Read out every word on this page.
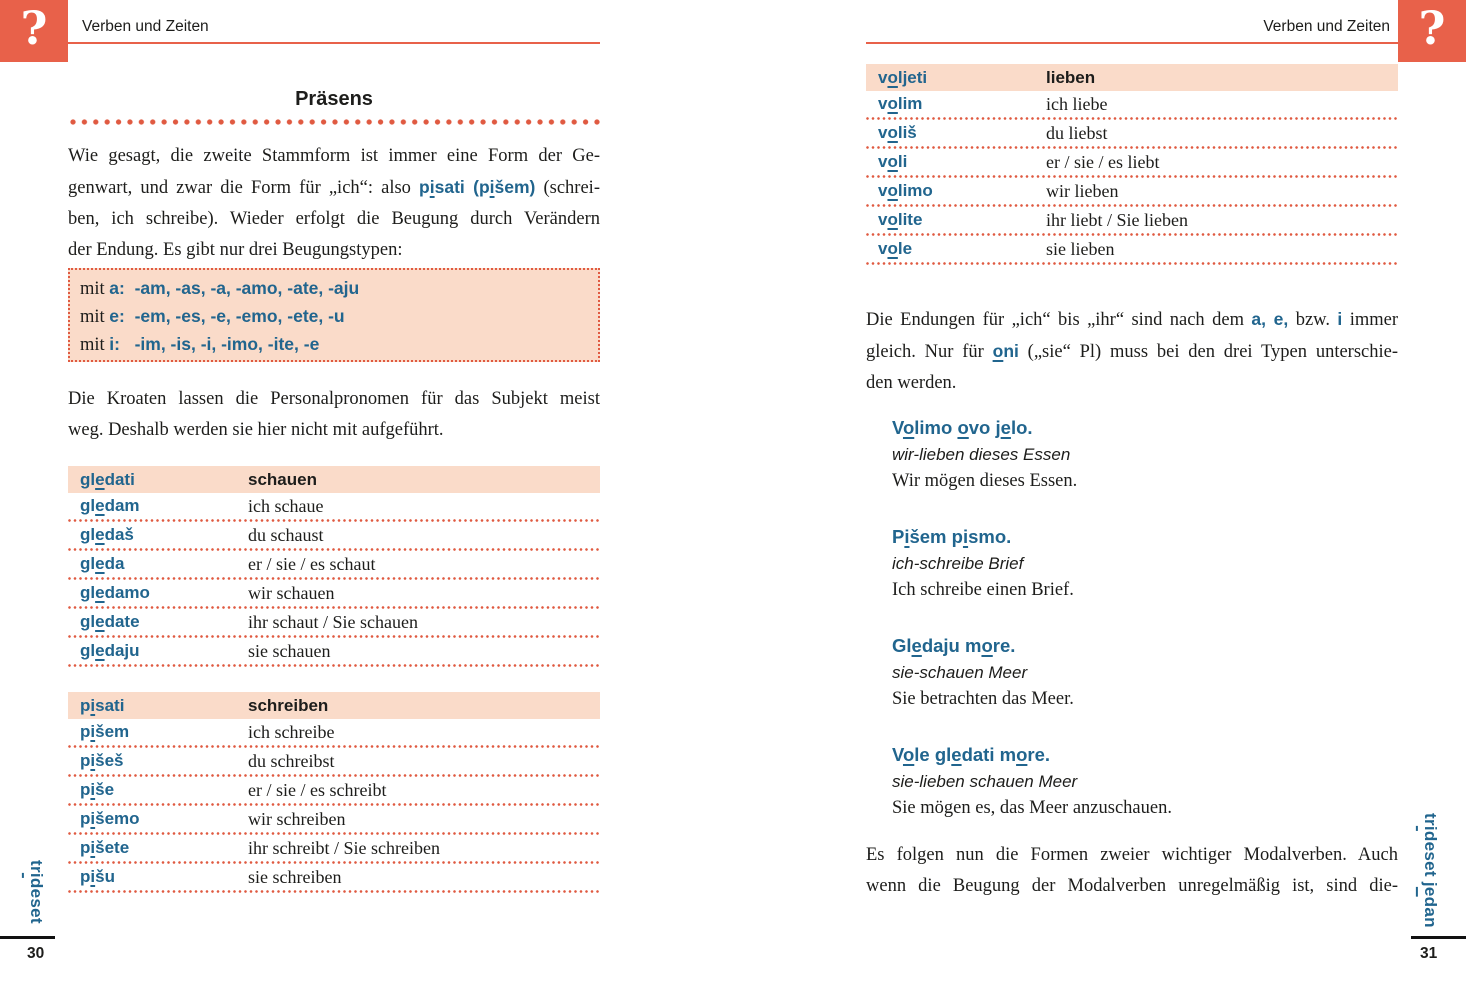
? Verben und Zeiten
Präsens
Wie gesagt, die zweite Stammform ist immer eine Form der Ge-
genwart, und zwar die Form für „ich“: also pisati (pišem) (schrei-
ben, ich schreibe). Wieder erfolgt die Beugung durch Verändern
der Endung. Es gibt nur drei Beugungstypen:
mit a:  -am, -as, -a, -amo, -ate, -aju
mit e:  -em, -es, -e, -emo, -ete, -u
mit i:   -im, -is, -i, -imo, -ite, -e
Die Kroaten lassen die Personalpronomen für das Subjekt meist
weg. Deshalb werden sie hier nicht mit aufgeführt.
gledati	schauen
gledam	ich schaue
gledaš	du schaust
gleda	er / sie / es schaut
gledamo	wir schauen
gledate	ihr schaut / Sie schauen
gledaju	sie schauen
pisati	schreiben
pišem	ich schreibe
pišeš	du schreibst
piše	er / sie / es schreibt
pišemo	wir schreiben
pišete	ihr schreibt / Sie schreiben
pišu	sie schreiben
trideset
30
?
Verben und Zeiten
voljeti	lieben
volim	ich liebe
voliš	du liebst
voli	er / sie / es liebt
volimo	wir lieben
volite	ihr liebt / Sie lieben
vole	sie lieben
Die Endungen für „ich“ bis „ihr“ sind nach dem a, e, bzw. i immer
gleich. Nur für oni („sie“ Pl) muss bei den drei Typen unterschie-
den werden.
Volimo ovo jelo.
wir-lieben dieses Essen
Wir mögen dieses Essen.
Pišem pismo.
ich-schreibe Brief
Ich schreibe einen Brief.
Gledaju more.
sie-schauen Meer
Sie betrachten das Meer.
Vole gledati more.
sie-lieben schauen Meer
Sie mögen es, das Meer anzuschauen.
Es folgen nun die Formen zweier wichtiger Modalverben. Auch
wenn die Beugung der Modalverben unregelmäßig ist, sind die-
trideset jedan
31
